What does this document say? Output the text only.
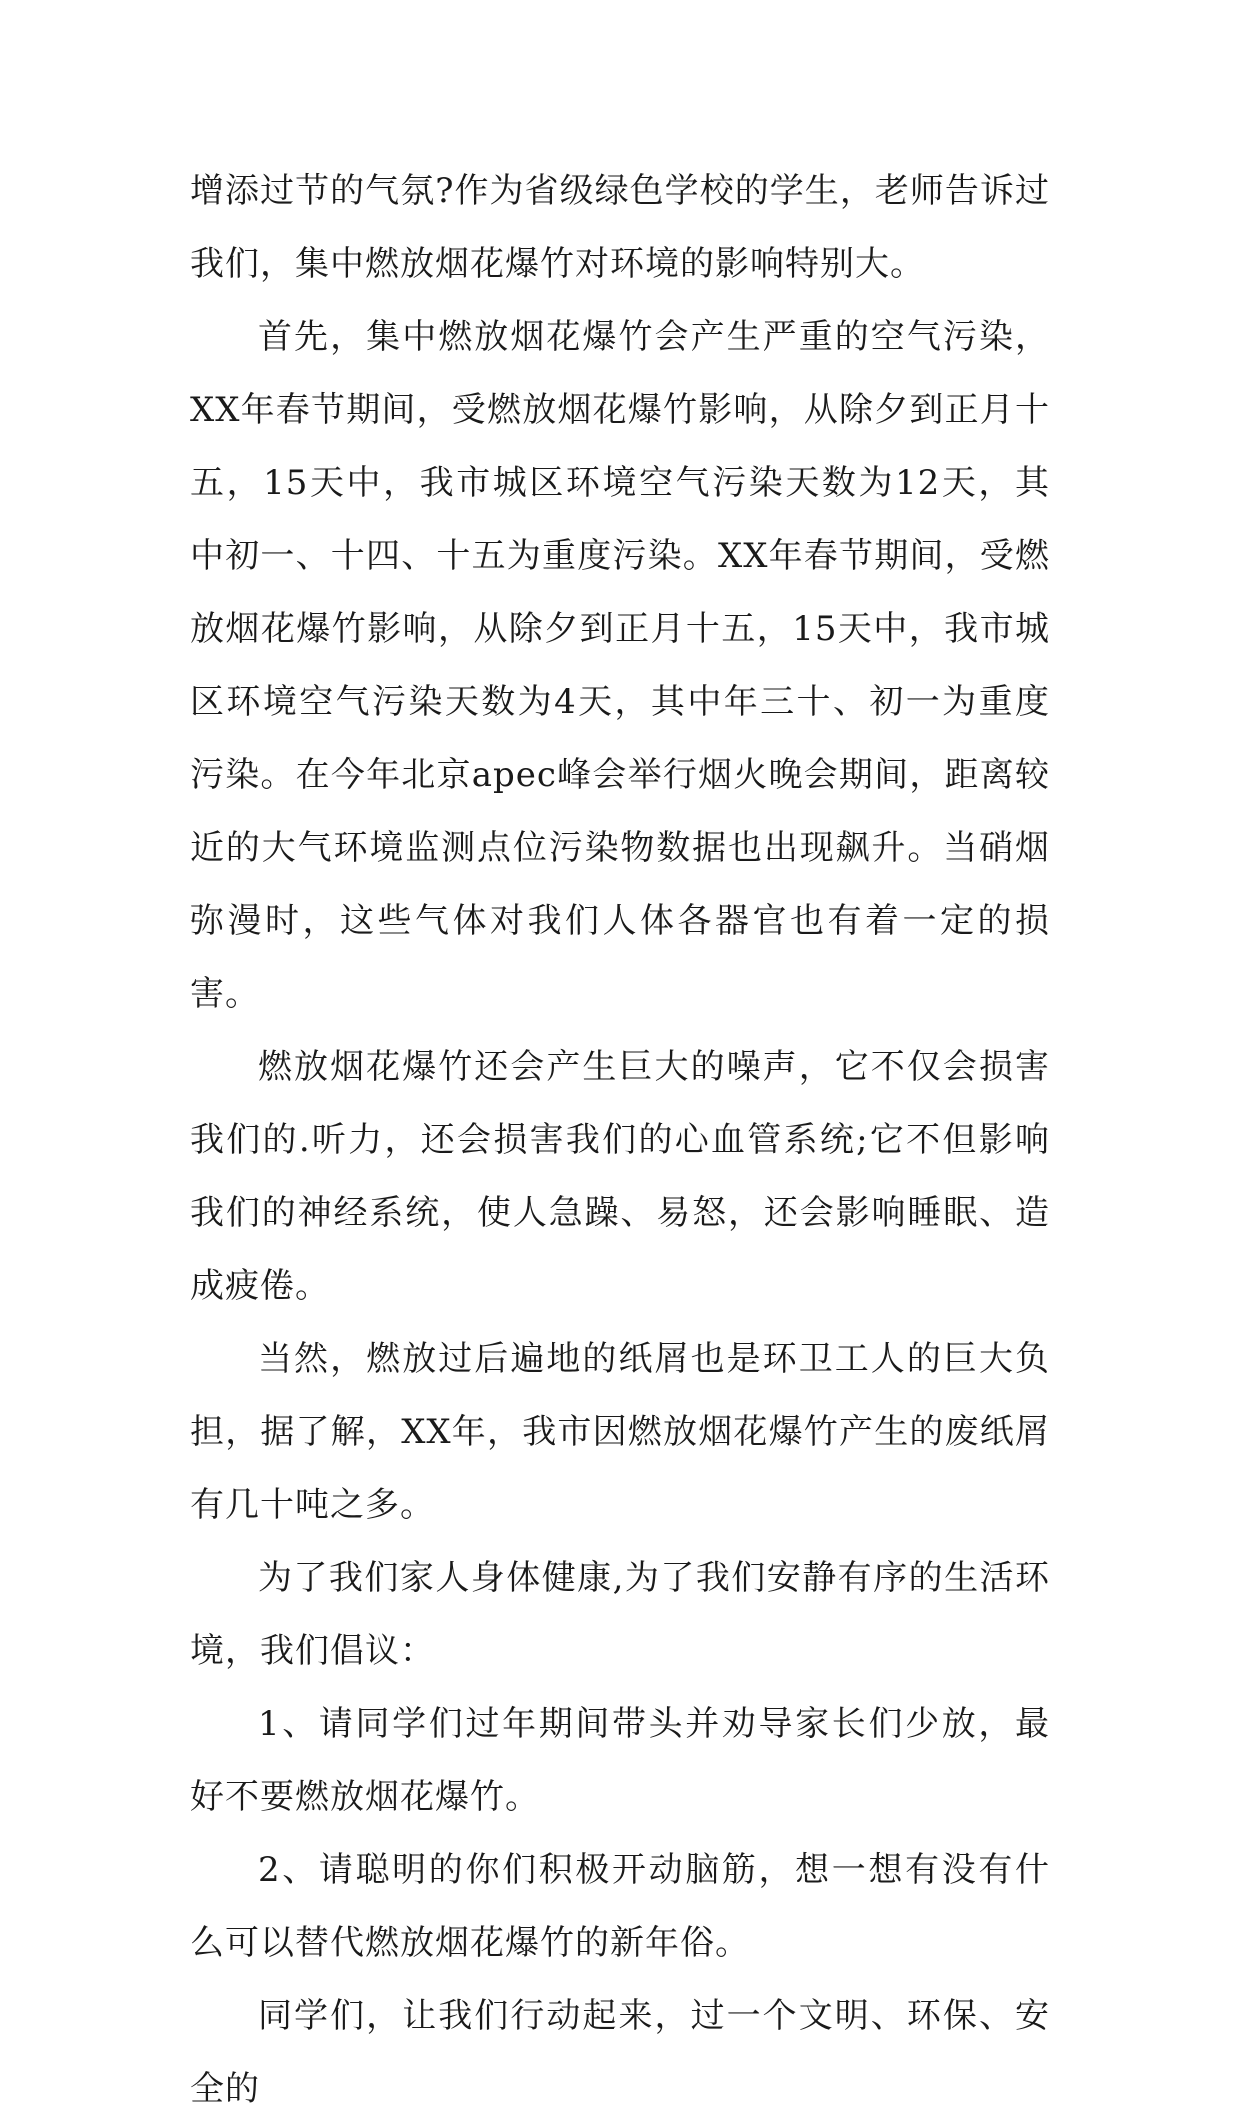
增添过节的气氛?作为省级绿色学校的学生，老师告诉过我们，集中燃放烟花爆竹对环境的影响特别大。

首先，集中燃放烟花爆竹会产生严重的空气污染，XX年春节期间，受燃放烟花爆竹影响，从除夕到正月十五，15天中，我市城区环境空气污染天数为12天，其中初一、十四、十五为重度污染。XX年春节期间，受燃放烟花爆竹影响，从除夕到正月十五，15天中，我市城区环境空气污染天数为4天，其中年三十、初一为重度污染。在今年北京apec峰会举行烟火晚会期间，距离较近的大气环境监测点位污染物数据也出现飙升。当硝烟弥漫时，这些气体对我们人体各器官也有着一定的损害。

燃放烟花爆竹还会产生巨大的噪声，它不仅会损害我们的.听力，还会损害我们的心血管系统;它不但影响我们的神经系统，使人急躁、易怒，还会影响睡眠、造成疲倦。

当然，燃放过后遍地的纸屑也是环卫工人的巨大负担，据了解，XX年，我市因燃放烟花爆竹产生的废纸屑有几十吨之多。

为了我们家人身体健康,为了我们安静有序的生活环境，我们倡议：

1、请同学们过年期间带头并劝导家长们少放，最好不要燃放烟花爆竹。

2、请聪明的你们积极开动脑筋，想一想有没有什么可以替代燃放烟花爆竹的新年俗。

同学们，让我们行动起来，过一个文明、环保、安全的
